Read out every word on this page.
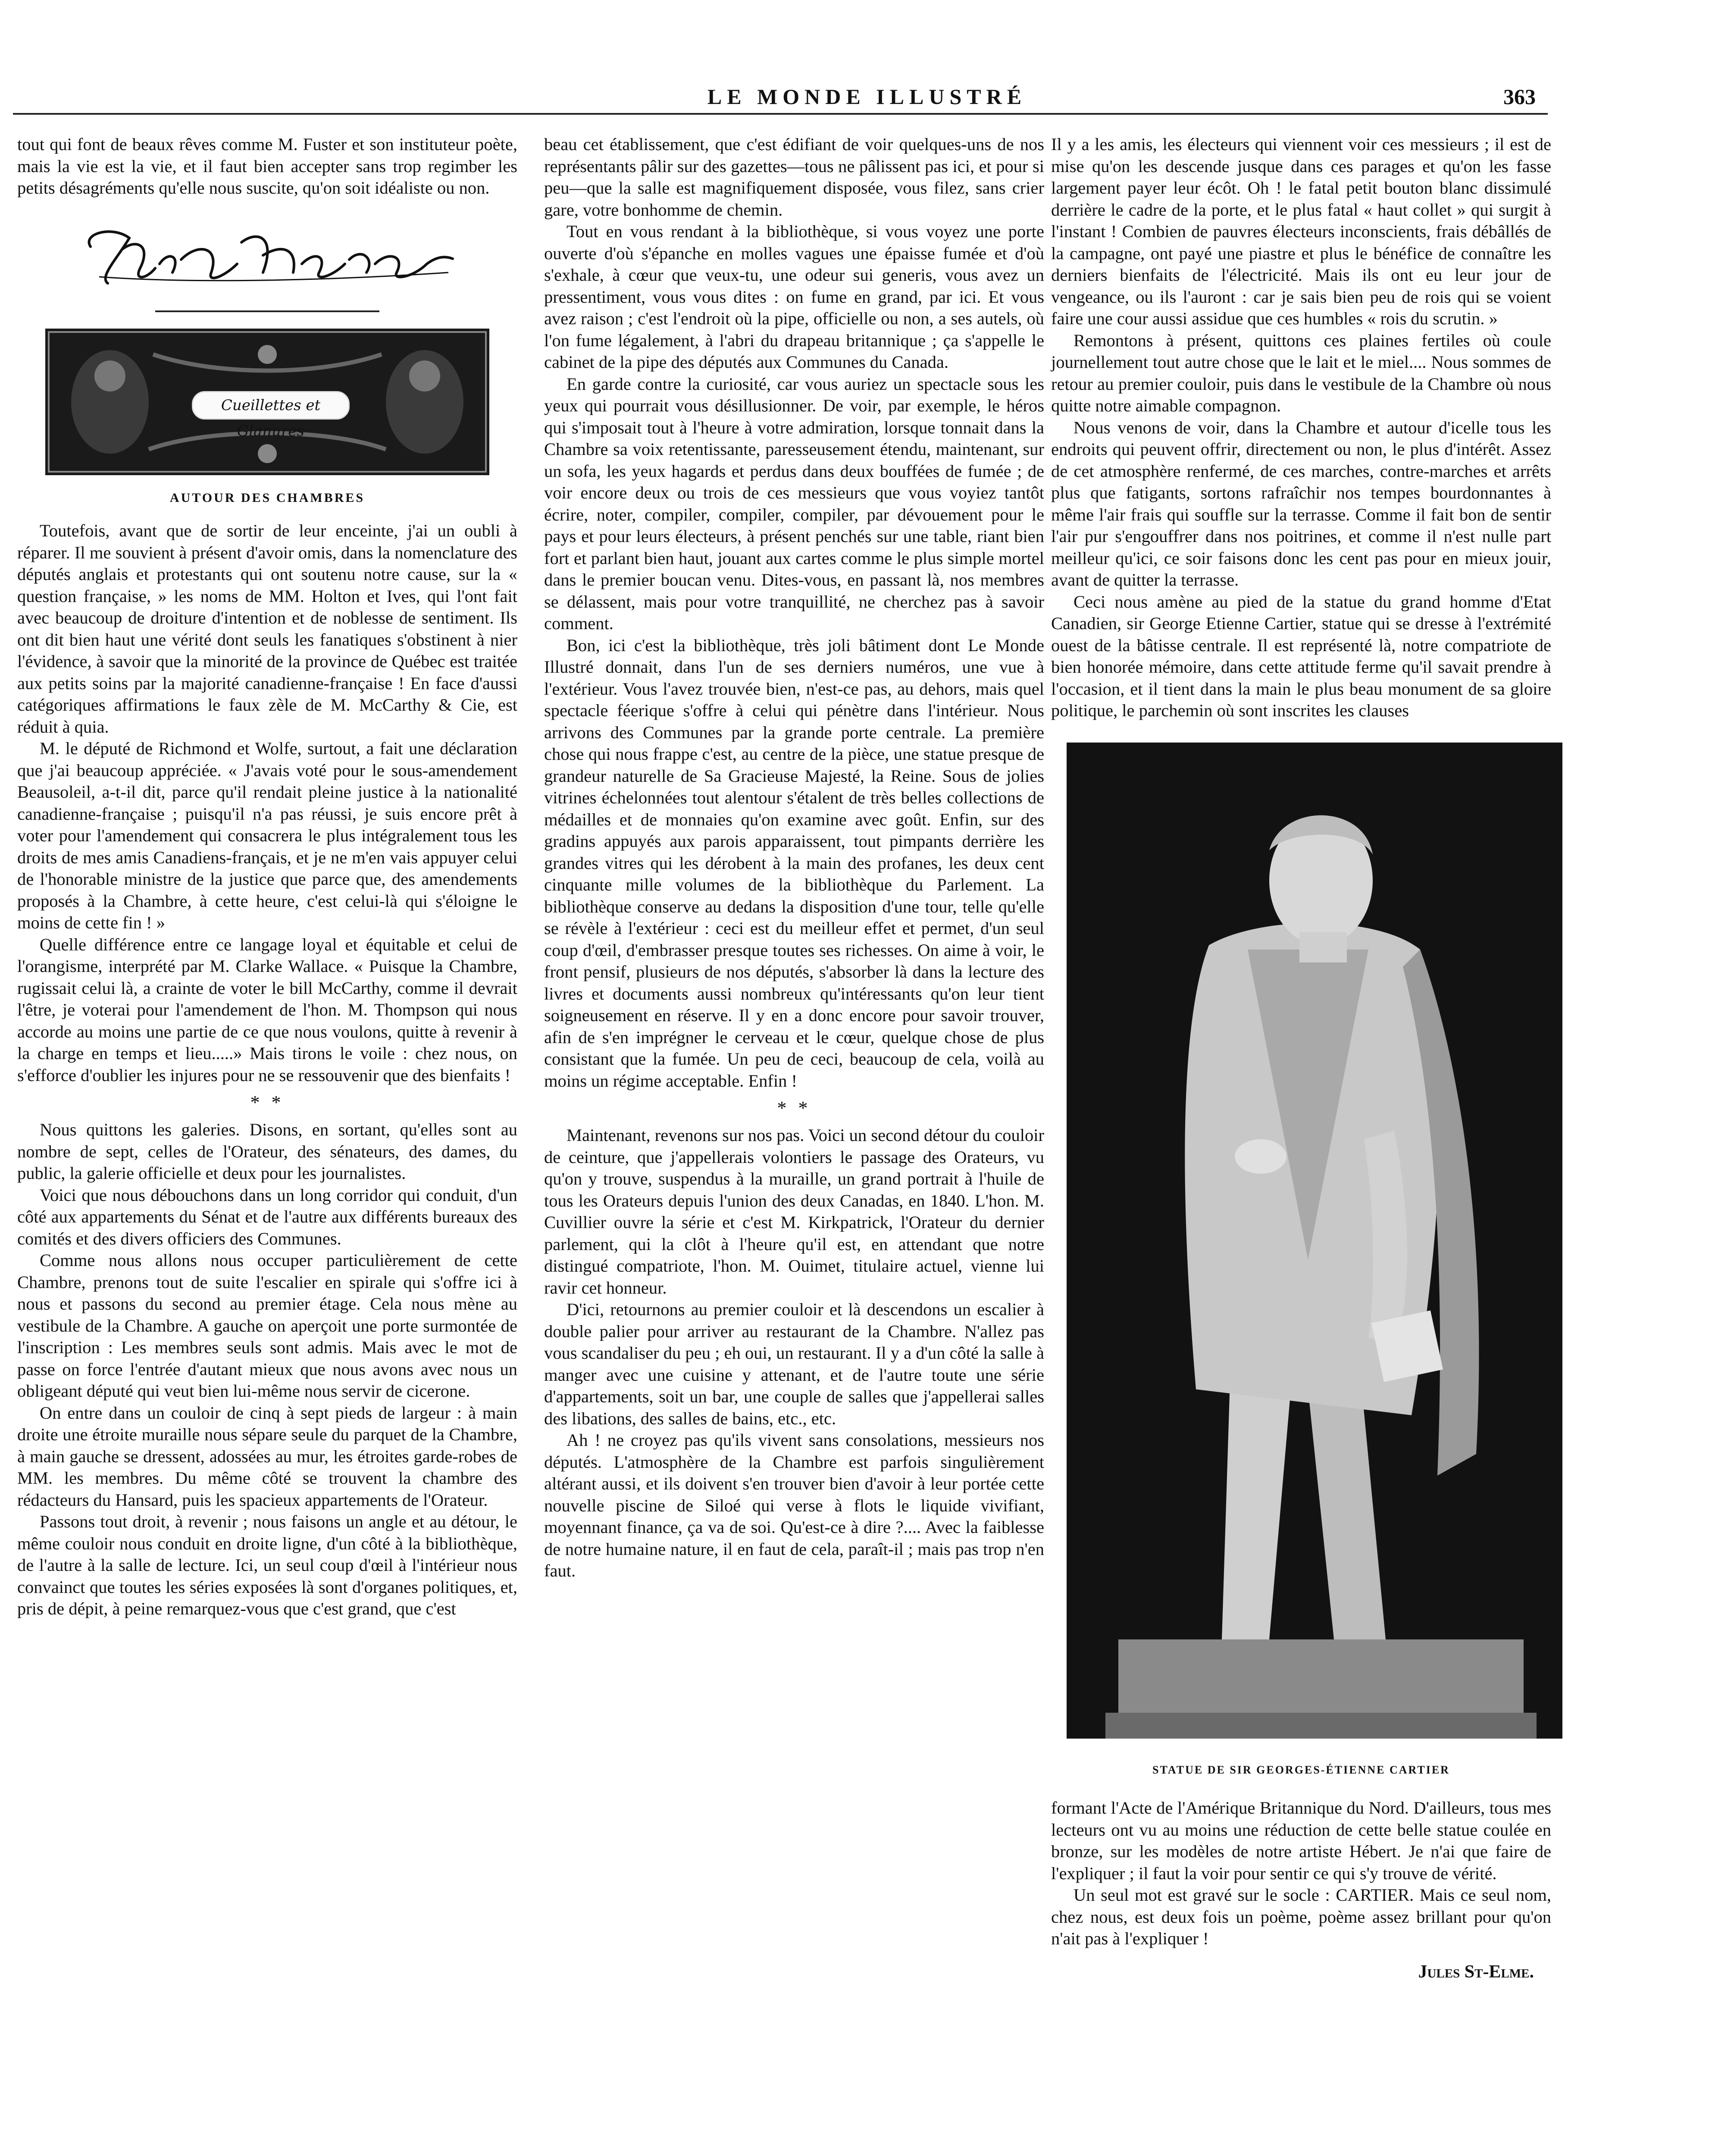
LE MONDE ILLUSTRÉ	363

tout qui font de beaux rêves comme M. Fuster et son instituteur poète, mais la vie est la vie, et il faut bien accepter sans trop regimber les petits désagréments qu'elle nous suscite, qu'on soit idéaliste ou non.

Cueillettes et Glanures
AUTOUR DES CHAMBRES

Toutefois, avant que de sortir de leur enceinte, j'ai un oubli à réparer. Il me souvient à présent d'avoir omis, dans la nomenclature des députés anglais et protestants qui ont soutenu notre cause, sur la « question française, » les noms de MM. Holton et Ives, qui l'ont fait avec beaucoup de droiture d'intention et de noblesse de sentiment. Ils ont dit bien haut une vérité dont seuls les fanatiques s'obstinent à nier l'évidence, à savoir que la minorité de la province de Québec est traitée aux petits soins par la majorité canadienne-française ! En face d'aussi catégoriques affirmations le faux zèle de M. McCarthy & Cie, est réduit à quia.

M. le député de Richmond et Wolfe, surtout, a fait une déclaration que j'ai beaucoup appréciée. « J'avais voté pour le sous-amendement Beausoleil, a-t-il dit, parce qu'il rendait pleine justice à la nationalité canadienne-française ; puisqu'il n'a pas réussi, je suis encore prêt à voter pour l'amendement qui consacrera le plus intégralement tous les droits de mes amis Canadiens-français, et je ne m'en vais appuyer celui de l'honorable ministre de la justice que parce que, des amendements proposés à la Chambre, à cette heure, c'est celui-là qui s'éloigne le moins de cette fin ! »

Quelle différence entre ce langage loyal et équitable et celui de l'orangisme, interprété par M. Clarke Wallace. « Puisque la Chambre, rugissait celui là, a crainte de voter le bill McCarthy, comme il devrait l'être, je voterai pour l'amendement de l'hon. M. Thompson qui nous accorde au moins une partie de ce que nous voulons, quitte à revenir à la charge en temps et lieu.....» Mais tirons le voile : chez nous, on s'efforce d'oublier les injures pour ne se ressouvenir que des bienfaits !

* *

Nous quittons les galeries. Disons, en sortant, qu'elles sont au nombre de sept, celles de l'Orateur, des sénateurs, des dames, du public, la galerie officielle et deux pour les journalistes.

Voici que nous débouchons dans un long corridor qui conduit, d'un côté aux appartements du Sénat et de l'autre aux différents bureaux des comités et des divers officiers des Communes.

Comme nous allons nous occuper particulièrement de cette Chambre, prenons tout de suite l'escalier en spirale qui s'offre ici à nous et passons du second au premier étage. Cela nous mène au vestibule de la Chambre. A gauche on aperçoit une porte surmontée de l'inscription : Les membres seuls sont admis. Mais avec le mot de passe on force l'entrée d'autant mieux que nous avons avec nous un obligeant député qui veut bien lui-même nous servir de cicerone.

On entre dans un couloir de cinq à sept pieds de largeur : à main droite une étroite muraille nous sépare seule du parquet de la Chambre, à main gauche se dressent, adossées au mur, les étroites garde-robes de MM. les membres. Du même côté se trouvent la chambre des rédacteurs du Hansard, puis les spacieux appartements de l'Orateur.

Passons tout droit, à revenir ; nous faisons un angle et au détour, le même couloir nous conduit en droite ligne, d'un côté à la bibliothèque, de l'autre à la salle de lecture. Ici, un seul coup d'œil à l'intérieur nous convainct que toutes les séries exposées là sont d'organes politiques, et, pris de dépit, à peine remarquez-vous que c'est grand, que c'est

beau cet établissement, que c'est édifiant de voir quelques-uns de nos représentants pâlir sur des gazettes—tous ne pâlissent pas ici, et pour si peu—que la salle est magnifiquement disposée, vous filez, sans crier gare, votre bonhomme de chemin.

Tout en vous rendant à la bibliothèque, si vous voyez une porte ouverte d'où s'épanche en molles vagues une épaisse fumée et d'où s'exhale, à cœur que veux-tu, une odeur sui generis, vous avez un pressentiment, vous vous dites : on fume en grand, par ici. Et vous avez raison ; c'est l'endroit où la pipe, officielle ou non, a ses autels, où l'on fume légalement, à l'abri du drapeau britannique ; ça s'appelle le cabinet de la pipe des députés aux Communes du Canada.

En garde contre la curiosité, car vous auriez un spectacle sous les yeux qui pourrait vous désillusionner. De voir, par exemple, le héros qui s'imposait tout à l'heure à votre admiration, lorsque tonnait dans la Chambre sa voix retentissante, paresseusement étendu, maintenant, sur un sofa, les yeux hagards et perdus dans deux bouffées de fumée ; de voir encore deux ou trois de ces messieurs que vous voyiez tantôt écrire, noter, compiler, compiler, compiler, par dévouement pour le pays et pour leurs électeurs, à présent penchés sur une table, riant bien fort et parlant bien haut, jouant aux cartes comme le plus simple mortel dans le premier boucan venu. Dites-vous, en passant là, nos membres se délassent, mais pour votre tranquillité, ne cherchez pas à savoir comment.

Bon, ici c'est la bibliothèque, très joli bâtiment dont Le Monde Illustré donnait, dans l'un de ses derniers numéros, une vue à l'extérieur. Vous l'avez trouvée bien, n'est-ce pas, au dehors, mais quel spectacle féerique s'offre à celui qui pénètre dans l'intérieur. Nous arrivons des Communes par la grande porte centrale. La première chose qui nous frappe c'est, au centre de la pièce, une statue presque de grandeur naturelle de Sa Gracieuse Majesté, la Reine. Sous de jolies vitrines échelonnées tout alentour s'étalent de très belles collections de médailles et de monnaies qu'on examine avec goût. Enfin, sur des gradins appuyés aux parois apparaissent, tout pimpants derrière les grandes vitres qui les dérobent à la main des profanes, les deux cent cinquante mille volumes de la bibliothèque du Parlement. La bibliothèque conserve au dedans la disposition d'une tour, telle qu'elle se révèle à l'extérieur : ceci est du meilleur effet et permet, d'un seul coup d'œil, d'embrasser presque toutes ses richesses. On aime à voir, le front pensif, plusieurs de nos députés, s'absorber là dans la lecture des livres et documents aussi nombreux qu'intéressants qu'on leur tient soigneusement en réserve. Il y en a donc encore pour savoir trouver, afin de s'en imprégner le cerveau et le cœur, quelque chose de plus consistant que la fumée. Un peu de ceci, beaucoup de cela, voilà au moins un régime acceptable. Enfin !

* *

Maintenant, revenons sur nos pas. Voici un second détour du couloir de ceinture, que j'appellerais volontiers le passage des Orateurs, vu qu'on y trouve, suspendus à la muraille, un grand portrait à l'huile de tous les Orateurs depuis l'union des deux Canadas, en 1840. L'hon. M. Cuvillier ouvre la série et c'est M. Kirkpatrick, l'Orateur du dernier parlement, qui la clôt à l'heure qu'il est, en attendant que notre distingué compatriote, l'hon. M. Ouimet, titulaire actuel, vienne lui ravir cet honneur.

D'ici, retournons au premier couloir et là descendons un escalier à double palier pour arriver au restaurant de la Chambre. N'allez pas vous scandaliser du peu ; eh oui, un restaurant. Il y a d'un côté la salle à manger avec une cuisine y attenant, et de l'autre toute une série d'appartements, soit un bar, une couple de salles que j'appellerai salles des libations, des salles de bains, etc., etc.

Ah ! ne croyez pas qu'ils vivent sans consolations, messieurs nos députés. L'atmosphère de la Chambre est parfois singulièrement altérant aussi, et ils doivent s'en trouver bien d'avoir à leur portée cette nouvelle piscine de Siloé qui verse à flots le liquide vivifiant, moyennant finance, ça va de soi. Qu'est-ce à dire ?.... Avec la faiblesse de notre humaine nature, il en faut de cela, paraît-il ; mais pas trop n'en faut.

Il y a les amis, les électeurs qui viennent voir ces messieurs ; il est de mise qu'on les descende jusque dans ces parages et qu'on les fasse largement payer leur écôt. Oh ! le fatal petit bouton blanc dissimulé derrière le cadre de la porte, et le plus fatal « haut collet » qui surgit à l'instant ! Combien de pauvres électeurs inconscients, frais débâllés de la campagne, ont payé une piastre et plus le bénéfice de connaître les derniers bienfaits de l'électricité. Mais ils ont eu leur jour de vengeance, ou ils l'auront : car je sais bien peu de rois qui se voient faire une cour aussi assidue que ces humbles « rois du scrutin. »

Remontons à présent, quittons ces plaines fertiles où coule journellement tout autre chose que le lait et le miel.... Nous sommes de retour au premier couloir, puis dans le vestibule de la Chambre où nous quitte notre aimable compagnon.

Nous venons de voir, dans la Chambre et autour d'icelle tous les endroits qui peuvent offrir, directement ou non, le plus d'intérêt. Assez de cet atmosphère renfermé, de ces marches, contre-marches et arrêts plus que fatigants, sortons rafraîchir nos tempes bourdonnantes à même l'air frais qui souffle sur la terrasse. Comme il fait bon de sentir l'air pur s'engouffrer dans nos poitrines, et comme il n'est nulle part meilleur qu'ici, ce soir faisons donc les cent pas pour en mieux jouir, avant de quitter la terrasse.

Ceci nous amène au pied de la statue du grand homme d'Etat Canadien, sir George Etienne Cartier, statue qui se dresse à l'extrémité ouest de la bâtisse centrale. Il est représenté là, notre compatriote de bien honorée mémoire, dans cette attitude ferme qu'il savait prendre à l'occasion, et il tient dans la main le plus beau monument de sa gloire politique, le parchemin où sont inscrites les clauses

STATUE DE SIR GEORGES-ÉTIENNE CARTIER

formant l'Acte de l'Amérique Britannique du Nord. D'ailleurs, tous mes lecteurs ont vu au moins une réduction de cette belle statue coulée en bronze, sur les modèles de notre artiste Hébert. Je n'ai que faire de l'expliquer ; il faut la voir pour sentir ce qui s'y trouve de vérité.

Un seul mot est gravé sur le socle : CARTIER. Mais ce seul nom, chez nous, est deux fois un poème, poème assez brillant pour qu'on n'ait pas à l'expliquer !

Jules St-Elme.
